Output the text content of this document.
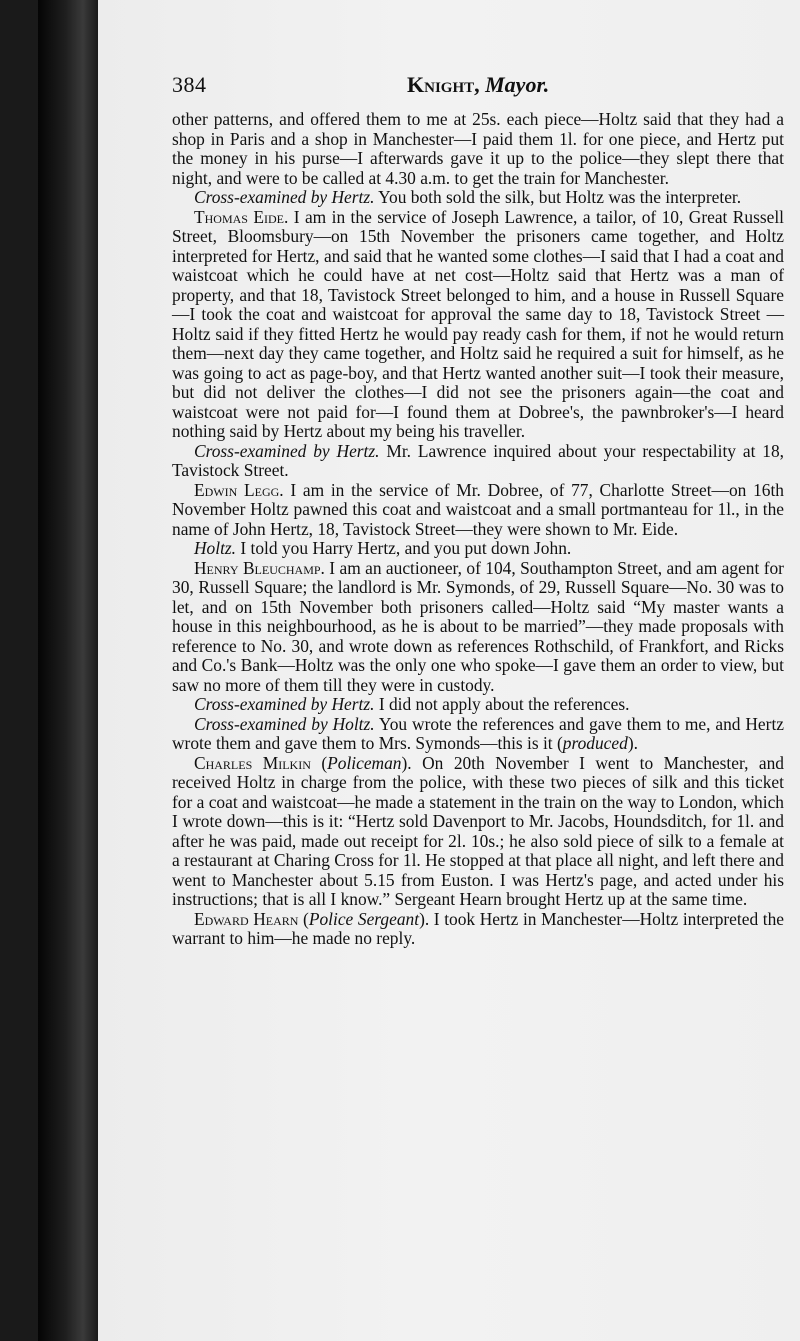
384	Knight, Mayor.

other patterns, and offered them to me at 25s. each piece—Holtz said that they had a shop in Paris and a shop in Manchester—I paid them 1l. for one piece, and Hertz put the money in his purse—I afterwards gave it up to the police—they slept there that night, and were to be called at 4.30 a.m. to get the train for Manchester.

Cross-examined by Hertz. You both sold the silk, but Holtz was the interpreter.

Thomas Eide. I am in the service of Joseph Lawrence, a tailor, of 10, Great Russell Street, Bloomsbury—on 15th November the prisoners came together, and Holtz interpreted for Hertz, and said that he wanted some clothes—I said that I had a coat and waistcoat which he could have at net cost—Holtz said that Hertz was a man of property, and that 18, Tavistock Street belonged to him, and a house in Russell Square—I took the coat and waistcoat for approval the same day to 18, Tavistock Street —Holtz said if they fitted Hertz he would pay ready cash for them, if not he would return them—next day they came together, and Holtz said he required a suit for himself, as he was going to act as page-boy, and that Hertz wanted another suit—I took their measure, but did not deliver the clothes—I did not see the prisoners again—the coat and waistcoat were not paid for—I found them at Dobree's, the pawnbroker's—I heard nothing said by Hertz about my being his traveller.

Cross-examined by Hertz. Mr. Lawrence inquired about your respectability at 18, Tavistock Street.

Edwin Legg. I am in the service of Mr. Dobree, of 77, Charlotte Street—on 16th November Holtz pawned this coat and waistcoat and a small portmanteau for 1l., in the name of John Hertz, 18, Tavistock Street—they were shown to Mr. Eide.

Holtz. I told you Harry Hertz, and you put down John.

Henry Bleuchamp. I am an auctioneer, of 104, Southampton Street, and am agent for 30, Russell Square; the landlord is Mr. Symonds, of 29, Russell Square—No. 30 was to let, and on 15th November both prisoners called—Holtz said “My master wants a house in this neighbourhood, as he is about to be married”—they made proposals with reference to No. 30, and wrote down as references Rothschild, of Frankfort, and Ricks and Co.'s Bank—Holtz was the only one who spoke—I gave them an order to view, but saw no more of them till they were in custody.

Cross-examined by Hertz. I did not apply about the references.

Cross-examined by Holtz. You wrote the references and gave them to me, and Hertz wrote them and gave them to Mrs. Symonds—this is it (produced).

Charles Milkin (Policeman). On 20th November I went to Manchester, and received Holtz in charge from the police, with these two pieces of silk and this ticket for a coat and waistcoat—he made a statement in the train on the way to London, which I wrote down—this is it: “Hertz sold Davenport to Mr. Jacobs, Houndsditch, for 1l. and after he was paid, made out receipt for 2l. 10s.; he also sold piece of silk to a female at a restaurant at Charing Cross for 1l. He stopped at that place all night, and left there and went to Manchester about 5.15 from Euston. I was Hertz's page, and acted under his instructions; that is all I know.” Sergeant Hearn brought Hertz up at the same time.

Edward Hearn (Police Sergeant). I took Hertz in Manchester—Holtz interpreted the warrant to him—he made no reply.
